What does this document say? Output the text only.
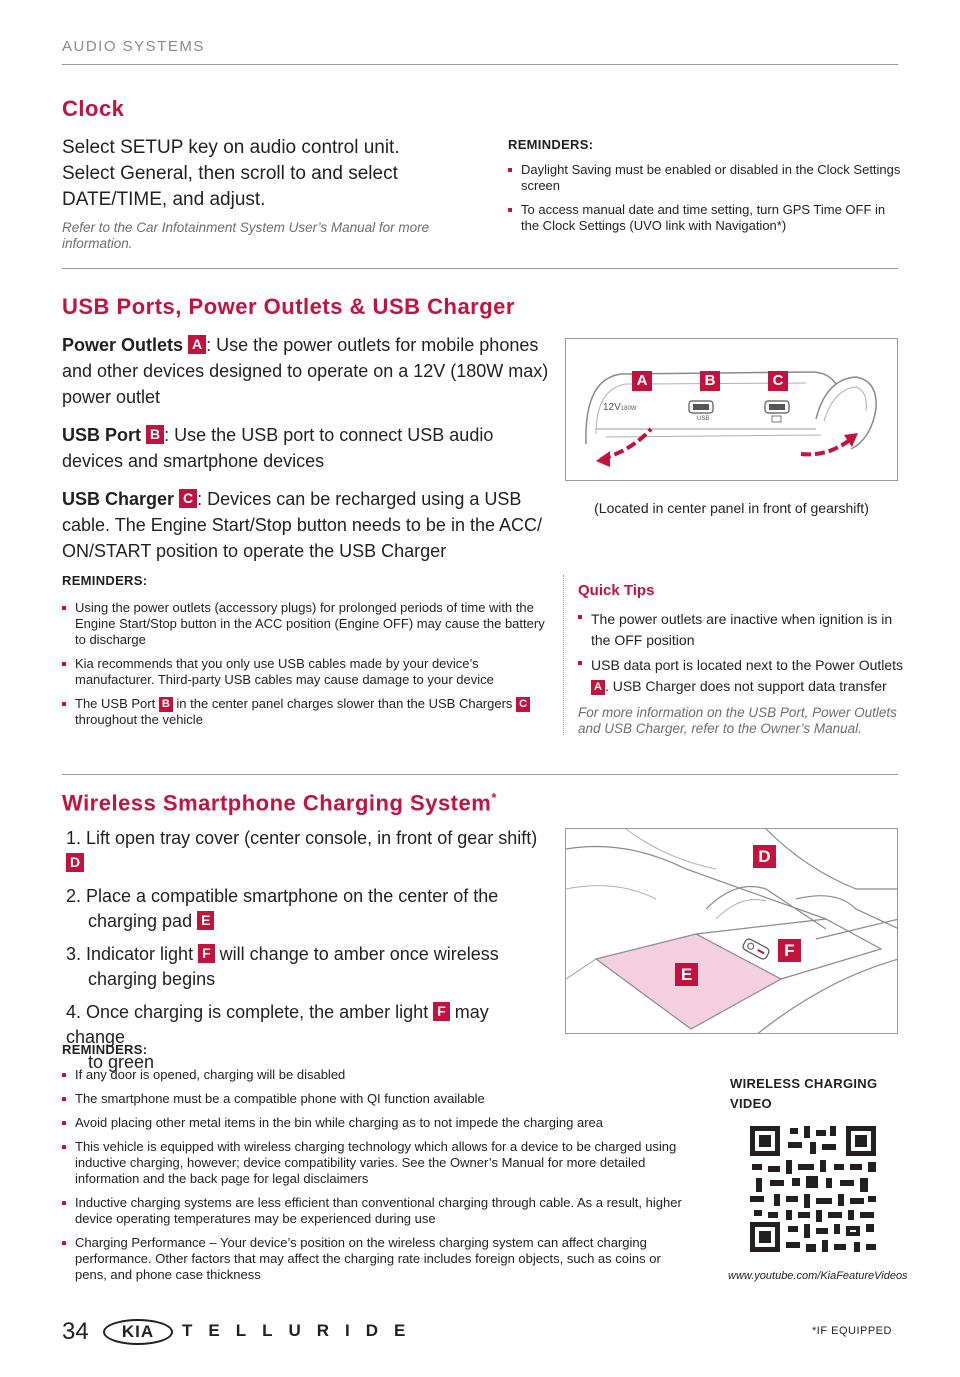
AUDIO SYSTEMS
Clock
Select SETUP key on audio control unit. Select General, then scroll to and select DATE/TIME, and adjust.
Refer to the Car Infotainment System User’s Manual for more information.
REMINDERS:
Daylight Saving must be enabled or disabled in the Clock Settings screen
To access manual date and time setting, turn GPS Time OFF in the Clock Settings (UVO link with Navigation*)
USB Ports, Power Outlets & USB Charger

Power Outlets A : Use the power outlets for mobile phones and other devices designed to operate on a 12V (180W max) power outlet

USB Port B : Use the USB port to connect USB audio devices and smartphone devices

USB Charger C : Devices can be recharged using a USB cable. The Engine Start/Stop button needs to be in the ACC/ ON/START position to operate the USB Charger

12V180W
USB
A	B	C
(Located in center panel in front of gearshift)
REMINDERS:
Using the power outlets (accessory plugs) for prolonged periods of time with the Engine Start/Stop button in the ACC position (Engine OFF) may cause the battery to discharge
Kia recommends that you only use USB cables made by your device’s manufacturer. Third-party USB cables may cause damage to your device
The USB Port B in the center panel charges slower than the USB Chargers C throughout the vehicle
Quick Tips
The power outlets are inactive when ignition is in the OFF position
USB data port is located next to the Power Outlets A . USB Charger does not support data transfer
For more information on the USB Port, Power Outlets and USB Charger, refer to the Owner’s Manual.
Wireless Smartphone Charging System*
1. Lift open tray cover (center console, in front of gear shift) D
2. Place a compatible smartphone on the center of the
charging pad E
3. Indicator light F will change to amber once wireless
charging begins
4. Once charging is complete, the amber light F may change
to green
D
E
F
REMINDERS:
If any door is opened, charging will be disabled
The smartphone must be a compatible phone with QI function available
Avoid placing other metal items in the bin while charging as to not impede the charging area
This vehicle is equipped with wireless charging technology which allows for a device to be charged using inductive charging, however; device compatibility varies. See the Owner’s Manual for more detailed information and the back page for legal disclaimers
Inductive charging systems are less efficient than conventional charging through cable. As a result, higher device operating temperatures may be experienced during use
Charging Performance – Your device’s position on the wireless charging system can affect charging performance. Other factors that may affect the charging rate includes foreign objects, such as coins or pens, and phone case thickness
WIRELESS CHARGING VIDEO
www.youtube.com/KiaFeatureVideos
34	KIA	TELLURIDE	*IF EQUIPPED
